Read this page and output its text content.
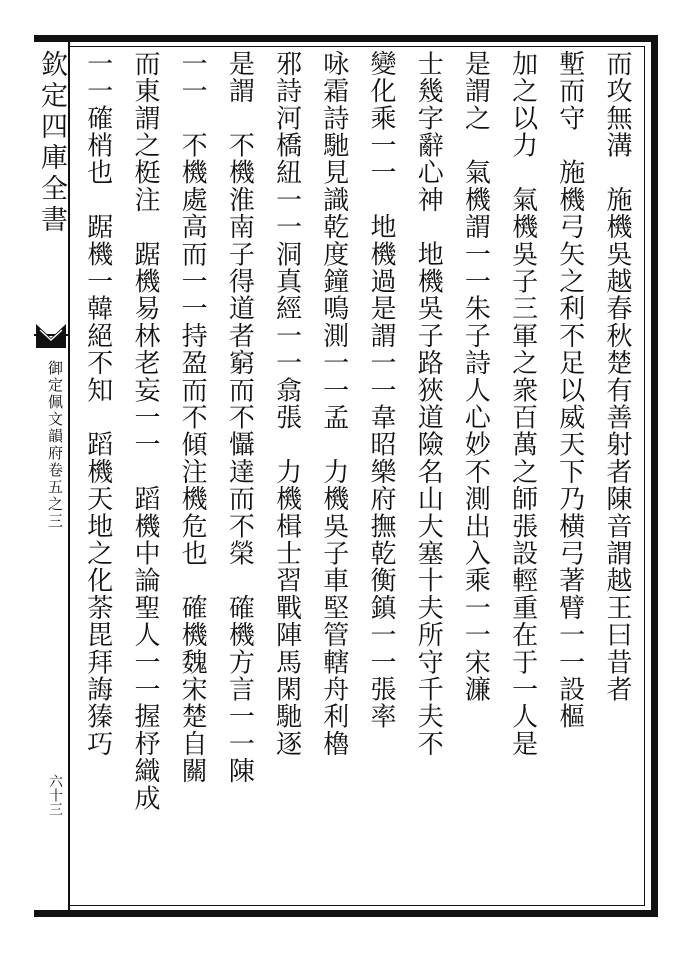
欽定四庫全書
御定佩文韻府卷五之三
六十三
而攻無溝　施機吳越春秋楚有善射者陳音謂越王曰昔者
塹而守　施機弓矢之利不足以威天下乃横弓著臂一一設樞
加之以力　氣機吳子三軍之衆百萬之師張設輕重在于一人是
是謂之　氣機謂一一朱子詩人心妙不測出入乘一一宋濂
士幾字辭心神　地機吳子路狹道險名山大塞十夫所守千夫不
變化乘一一　地機過是謂一一韋昭樂府撫乾衡鎮一一張率
咏霜詩馳見識乾度鐘鳴測一一孟　力機吳子車堅管轄舟利櫓
邪詩河橋紐一一洞真經一一翕張　力機楫士習戰陣馬閑馳逐
是謂　不機淮南子得道者窮而不懾達而不榮　確機方言一一陳
一一　不機處高而一一持盈而不傾注機危也　確機魏宋楚自關
而東謂之梃注　踞機易林老妄一一　蹈機中論聖人一一握杼織成
一一確梢也　踞機一韓絕不知　蹈機天地之化荼毘拜誨獉巧
